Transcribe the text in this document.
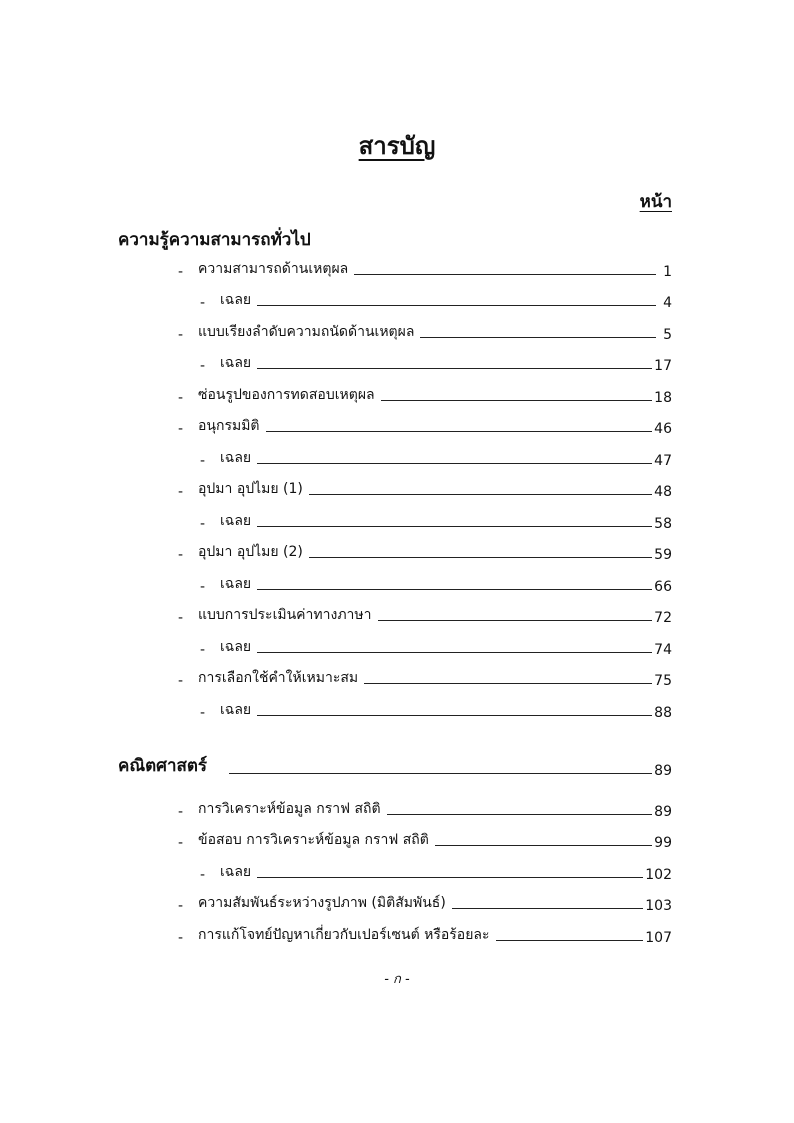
สารบัญ
หน้า
ความรู้ความสามารถทั่วไป
-	ความสามารถด้านเหตุผล	1
-	เฉลย	4
-	แบบเรียงลำดับความถนัดด้านเหตุผล	5
-	เฉลย	17
-	ซ่อนรูปของการทดสอบเหตุผล	18
-	อนุกรมมิติ	46
-	เฉลย	47
-	อุปมา อุปไมย (1)	48
-	เฉลย	58
-	อุปมา อุปไมย (2)	59
-	เฉลย	66
-	แบบการประเมินค่าทางภาษา	72
-	เฉลย	74
-	การเลือกใช้คำให้เหมาะสม	75
-	เฉลย	88
คณิตศาสตร์	89
-	การวิเคราะห์ข้อมูล กราฟ สถิติ	89
-	ข้อสอบ การวิเคราะห์ข้อมูล กราฟ สถิติ	99
-	เฉลย	102
-	ความสัมพันธ์ระหว่างรูปภาพ (มิติสัมพันธ์)	103
-	การแก้โจทย์ปัญหาเกี่ยวกับเปอร์เซนต์ หรือร้อยละ	107
- ก -
